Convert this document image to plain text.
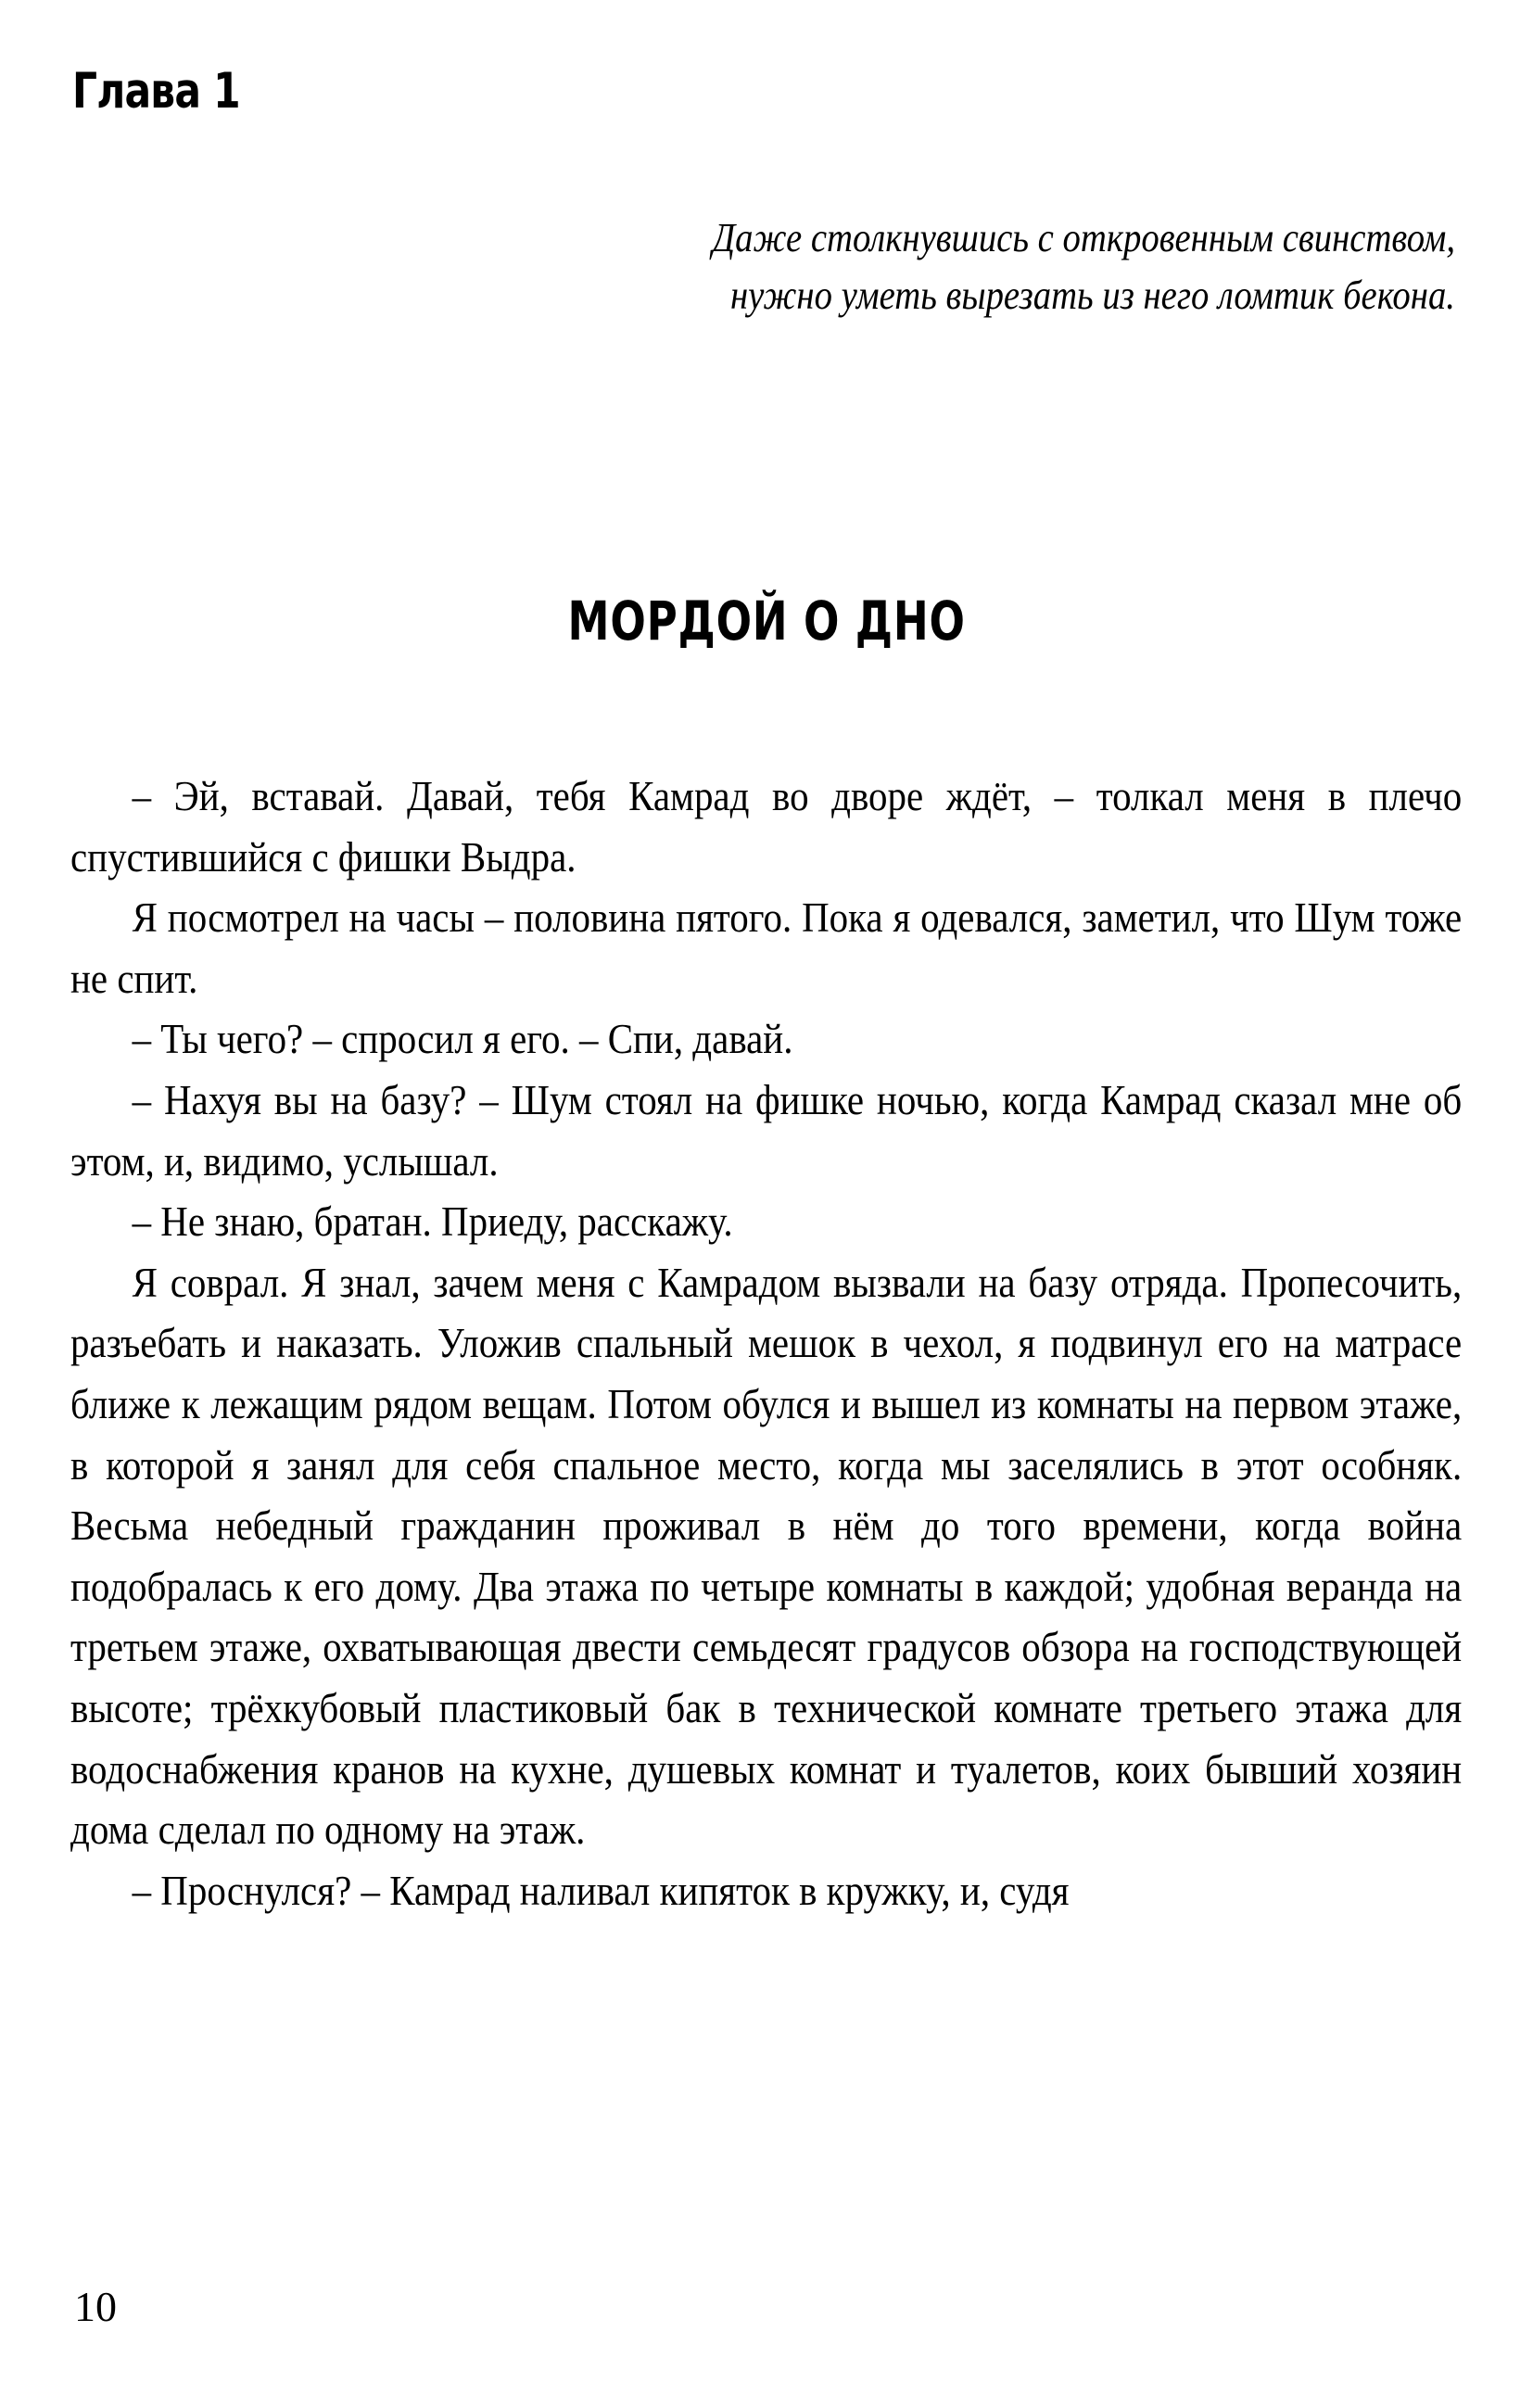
Глава 1
Даже столкнувшись с откровенным свинством,
нужно уметь вырезать из него ломтик бекона.
МОРДОЙ О ДНО

– Эй, вставай. Давай, тебя Камрад во дворе ждёт, – толкал меня в плечо спустившийся с фишки Выдра.

Я посмотрел на часы – половина пятого. Пока я одевался, заметил, что Шум тоже не спит.

– Ты чего? – спросил я его. – Спи, давай.

– Нахуя вы на базу? – Шум стоял на фишке ночью, когда Камрад сказал мне об этом, и, видимо, услышал.

– Не знаю, братан. Приеду, расскажу.

Я соврал. Я знал, зачем меня с Камрадом вызвали на базу отряда. Пропесочить, разъебать и наказать. Уложив спальный мешок в чехол, я подвинул его на матрасе ближе к лежащим рядом вещам. Потом обулся и вышел из комнаты на первом этаже, в которой я занял для себя спальное место, когда мы заселялись в этот особняк. Весьма небедный гражданин проживал в нём до того времени, когда война подобралась к его дому. Два этажа по четыре комнаты в каждой; удобная веранда на третьем этаже, охватывающая двести семьдесят градусов обзора на господствующей высоте; трёхкубовый пластиковый бак в технической комнате третьего этажа для водоснабжения кранов на кухне, душевых комнат и туалетов, коих бывший хозяин дома сделал по одному на этаж.

– Проснулся? – Камрад наливал кипяток в кружку, и, судя

10
